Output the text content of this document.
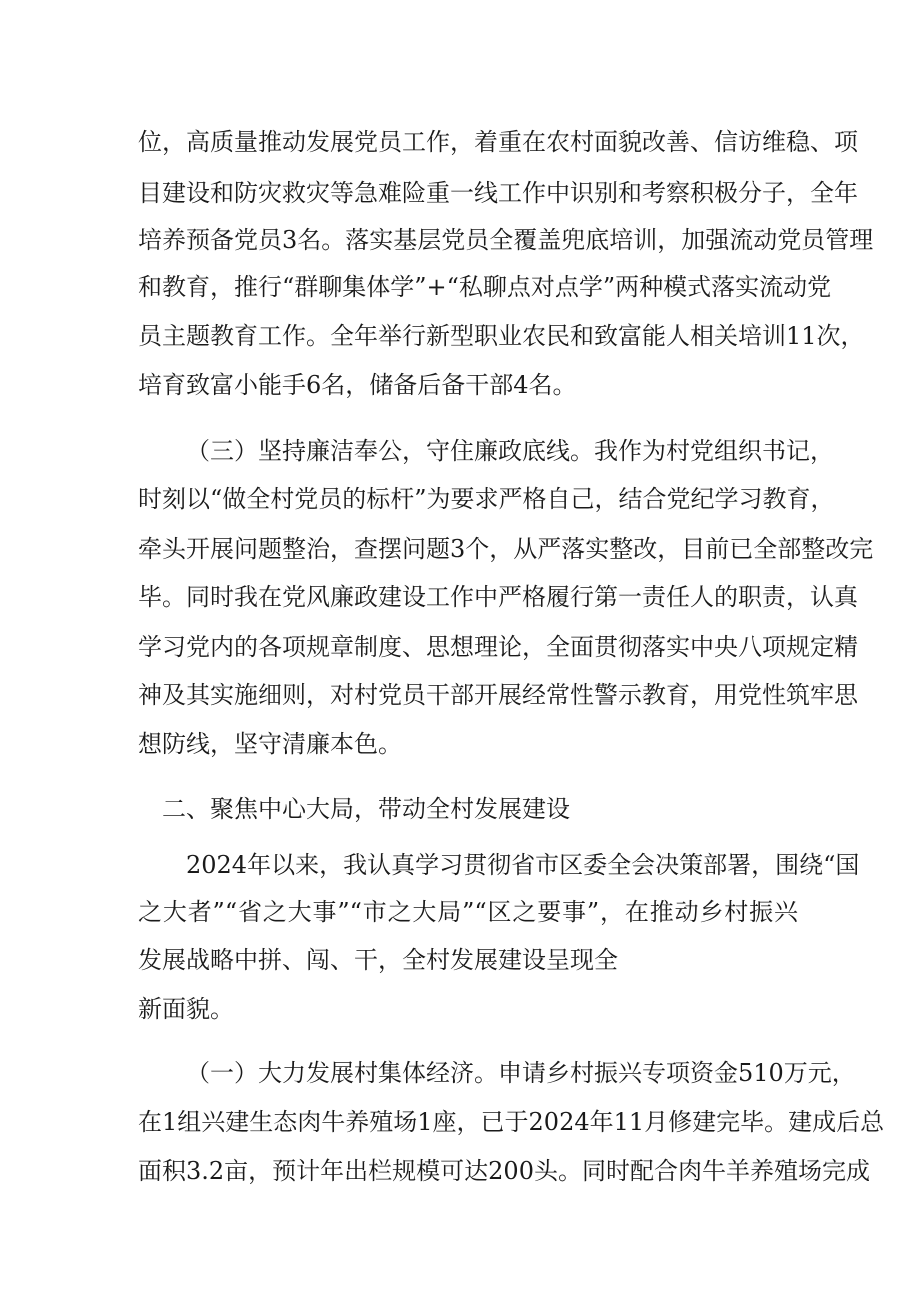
位，高质量推动发展党员工作，着重在农村面貌改善、信访维稳、项
目建设和防灾救灾等急难险重一线工作中识别和考察积极分子，全年
培养预备党员3名。落实基层党员全覆盖兜底培训，加强流动党员管理
和教育，推行“群聊集体学”+“私聊点对点学”两种模式落实流动党
员主题教育工作。全年举行新型职业农民和致富能人相关培训11次，
培育致富小能手6名，储备后备干部4名。
（三）坚持廉洁奉公，守住廉政底线。我作为村党组织书记，
时刻以“做全村党员的标杆”为要求严格自己，结合党纪学习教育，
牵头开展问题整治，查摆问题3个，从严落实整改，目前已全部整改完
毕。同时我在党风廉政建设工作中严格履行第一责任人的职责，认真
学习党内的各项规章制度、思想理论，全面贯彻落实中央八项规定精
神及其实施细则，对村党员干部开展经常性警示教育，用党性筑牢思
想防线，坚守清廉本色。
二、聚焦中心大局，带动全村发展建设
2024年以来，我认真学习贯彻省市区委全会决策部署，围绕“国
之大者”“省之大事”“市之大局”“区之要事”，在推动乡村振兴
发展战略中拼、闯、干，全村发展建设呈现全
新面貌。
（一）大力发展村集体经济。申请乡村振兴专项资金510万元，
在1组兴建生态肉牛养殖场1座，已于2024年11月修建完毕。建成后总
面积3.2亩，预计年出栏规模可达200头。同时配合肉牛羊养殖场完成
